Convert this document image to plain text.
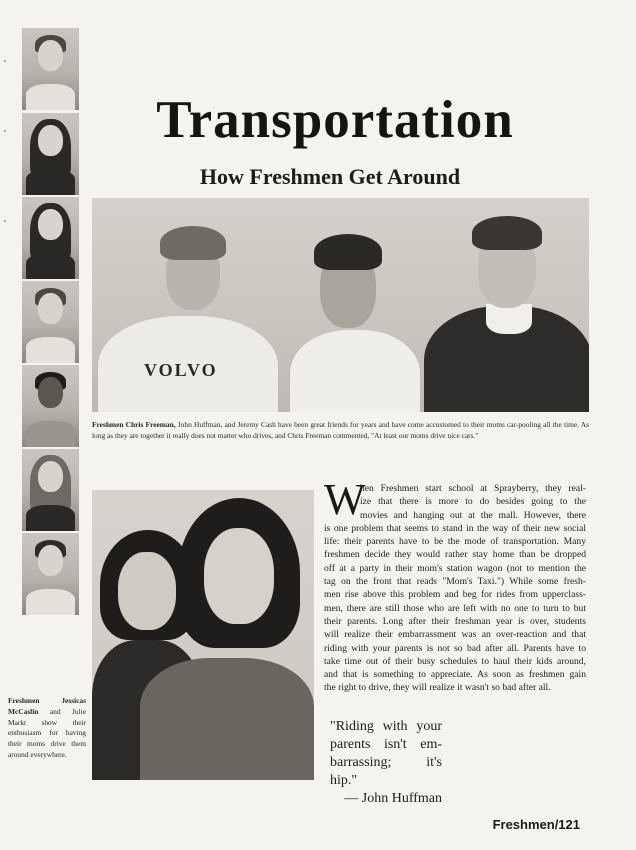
Transportation
How Freshmen Get Around
VOLVO
Freshmen Chris Freeman, John Huffman, and Jeremy Cash have been great friends for years and have come accustomed to their moms car-pooling all the time. As long as they are together it really does not matter who drives, and Chris Freeman commented, "At least our moms drive nice cars."
Freshmen Jessicas McCaslin and Julie Markt show their enthusiasm for having their moms drive them around everywhere.
W
hen Freshmen start school at Sprayberry, they real-
ize that there is more to do besides going to the
movies and hanging out at the mall. However, there
is one problem that seems to stand in the way of their new social
life: their parents have to be the mode of transportation. Many
freshmen decide they would rather stay home than be dropped
off at a party in their mom's station wagon (not to mention the
tag on the front that reads "Mom's Taxi.") While some fresh-
men rise above this problem and beg for rides from upperclass-
men, there are still those who are left with no one to turn to but
their parents. Long after their freshman year is over, students
will realize their embarrassment was an over-reaction and that
riding with your parents is not so bad after all. Parents have to
take time out of their busy schedules to haul their kids around,
and that is something to appreciate. As soon as freshmen gain
the right to drive, they will realize it wasn't so bad after all.
"Riding with your
parents isn't em-
barrassing; it's
hip."
— John Huffman
Freshmen/121
